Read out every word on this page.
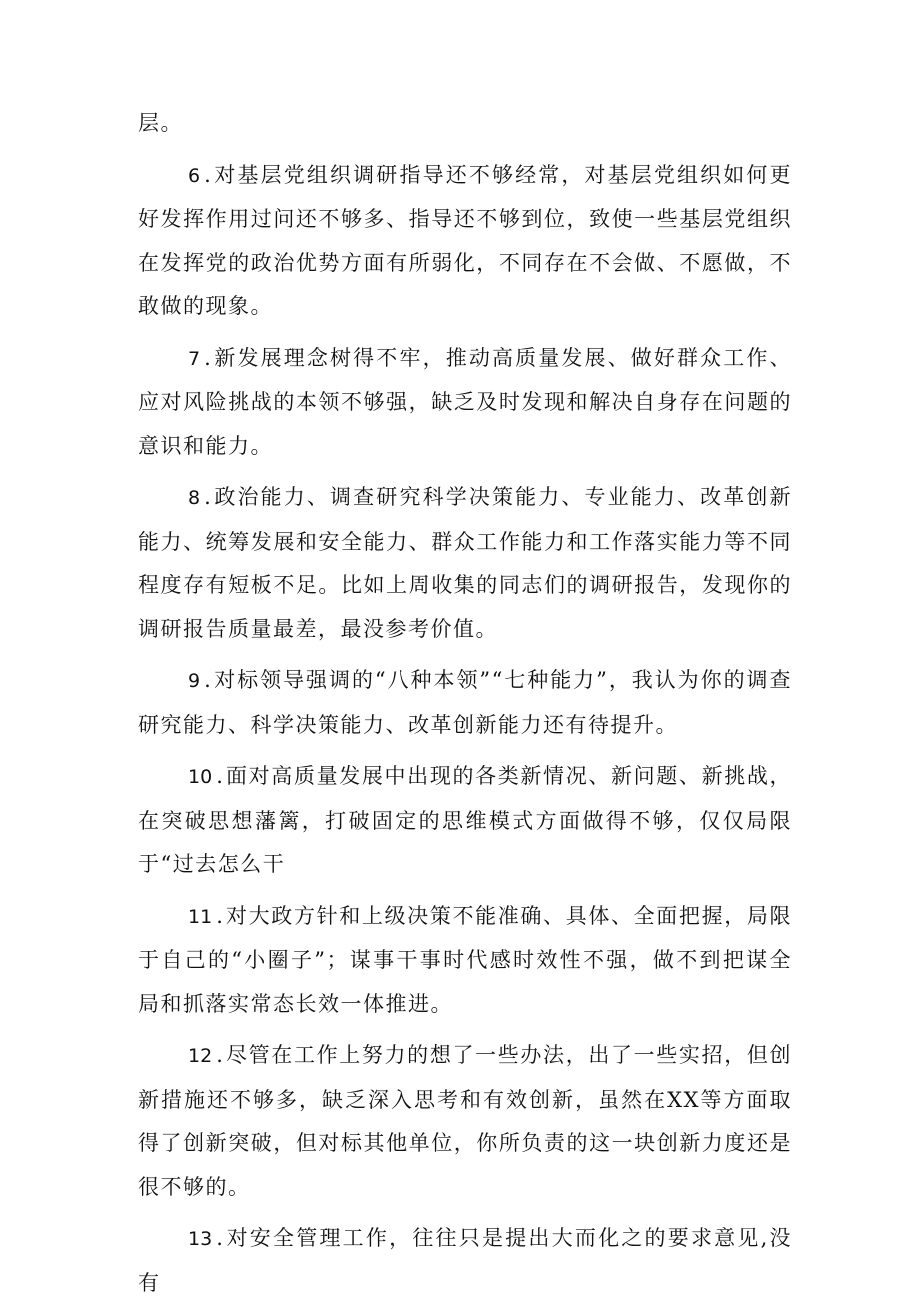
层。

6 . 对基层党组织调研指导还不够经常，对基层党组织如何更好发挥作用过问还不够多、指导还不够到位，致使一些基层党组织在发挥党的政治优势方面有所弱化，不同存在不会做、不愿做，不敢做的现象。

7 . 新发展理念树得不牢，推动高质量发展、做好群众工作、应对风险挑战的本领不够强，缺乏及时发现和解决自身存在问题的意识和能力。

8 . 政治能力、调查研究科学决策能力、专业能力、改革创新能力、统筹发展和安全能力、群众工作能力和工作落实能力等不同程度存有短板不足。比如上周收集的同志们的调研报告，发现你的调研报告质量最差，最没参考价值。

9 . 对标领导强调的“八种本领”“七种能力”，我认为你的调查研究能力、科学决策能力、改革创新能力还有待提升。

10 . 面对高质量发展中出现的各类新情况、新问题、新挑战，在突破思想藩篱，打破固定的思维模式方面做得不够，仅仅局限于“过去怎么干

11 . 对大政方针和上级决策不能准确、具体、全面把握，局限于自己的“小圈子”；谋事干事时代感时效性不强，做不到把谋全局和抓落实常态长效一体推进。

12 . 尽管在工作上努力的想了一些办法，出了一些实招，但创新措施还不够多，缺乏深入思考和有效创新，虽然在XX等方面取得了创新突破，但对标其他单位，你所负责的这一块创新力度还是很不够的。

13 . 对安全管理工作，往往只是提出大而化之的要求意见,没有
